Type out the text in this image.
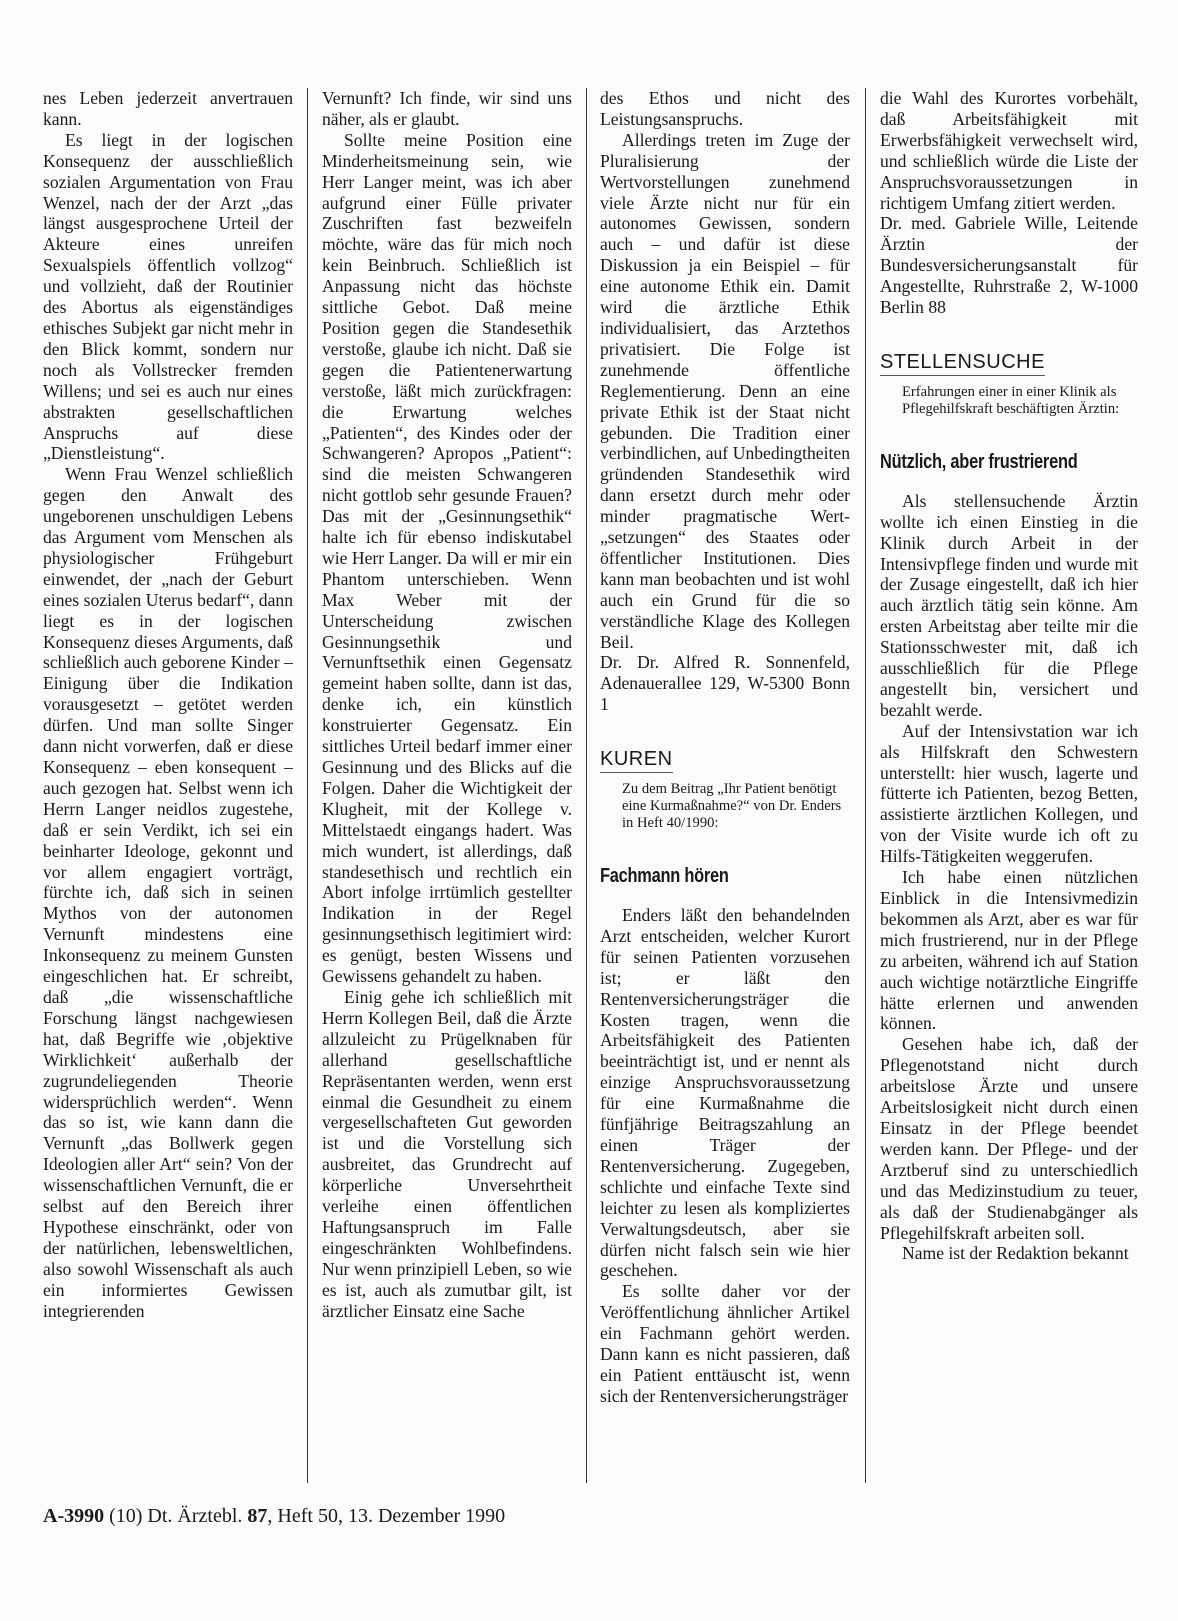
nes Leben jederzeit anvertrauen kann.

Es liegt in der logischen Konsequenz der ausschließlich sozialen Argumentation von Frau Wenzel, nach der der Arzt „das längst ausgesprochene Urteil der Akteure eines unreifen Sexualspiels öffentlich vollzog“ und vollzieht, daß der Routinier des Abortus als eigenständiges ethisches Subjekt gar nicht mehr in den Blick kommt, sondern nur noch als Vollstrecker fremden Willens; und sei es auch nur eines abstrakten gesellschaftlichen Anspruchs auf diese „Dienstleistung“.

Wenn Frau Wenzel schließlich gegen den Anwalt des ungeborenen unschuldigen Lebens das Argument vom Menschen als physiologischer Frühgeburt einwendet, der „nach der Geburt eines sozialen Uterus bedarf“, dann liegt es in der logischen Konsequenz dieses Arguments, daß schließlich auch geborene Kinder – Einigung über die Indikation vorausgesetzt – getötet werden dürfen. Und man sollte Singer dann nicht vorwerfen, daß er diese Konsequenz – eben konsequent – auch gezogen hat. Selbst wenn ich Herrn Langer neidlos zugestehe, daß er sein Verdikt, ich sei ein beinharter Ideologe, gekonnt und vor allem engagiert vorträgt, fürchte ich, daß sich in seinen Mythos von der autonomen Vernunft mindestens eine Inkonsequenz zu meinem Gunsten eingeschlichen hat. Er schreibt, daß „die wissenschaftliche Forschung längst nachgewiesen hat, daß Begriffe wie ‚objektive Wirklichkeit‘ außerhalb der zugrundeliegenden Theorie widersprüchlich werden“. Wenn das so ist, wie kann dann die Vernunft „das Bollwerk gegen Ideologien aller Art“ sein? Von der wissenschaftlichen Vernunft, die er selbst auf den Bereich ihrer Hypothese einschränkt, oder von der natürlichen, lebensweltlichen, also sowohl Wissenschaft als auch ein informiertes Gewissen integrierenden

Vernunft? Ich finde, wir sind uns näher, als er glaubt.

Sollte meine Position eine Minderheitsmeinung sein, wie Herr Langer meint, was ich aber aufgrund einer Fülle privater Zuschriften fast bezweifeln möchte, wäre das für mich noch kein Beinbruch. Schließlich ist Anpassung nicht das höchste sittliche Gebot. Daß meine Position gegen die Standesethik verstoße, glaube ich nicht. Daß sie gegen die Patientenerwartung verstoße, läßt mich zurückfragen: die Erwartung welches „Patienten“, des Kindes oder der Schwangeren? Apropos „Patient“: sind die meisten Schwangeren nicht gottlob sehr gesunde Frauen? Das mit der „Gesinnungsethik“ halte ich für ebenso indiskutabel wie Herr Langer. Da will er mir ein Phantom unterschieben. Wenn Max Weber mit der Unterscheidung zwischen Gesinnungsethik und Vernunftsethik einen Gegensatz gemeint haben sollte, dann ist das, denke ich, ein künstlich konstruierter Gegensatz. Ein sittliches Urteil bedarf immer einer Gesinnung und des Blicks auf die Folgen. Daher die Wichtigkeit der Klugheit, mit der Kollege v. Mittelstaedt eingangs hadert. Was mich wundert, ist allerdings, daß standesethisch und rechtlich ein Abort infolge irrtümlich gestellter Indikation in der Regel gesinnungsethisch legitimiert wird: es genügt, besten Wissens und Gewissens gehandelt zu haben.

Einig gehe ich schließlich mit Herrn Kollegen Beil, daß die Ärzte allzuleicht zu Prügelknaben für allerhand gesellschaftliche Repräsentanten werden, wenn erst einmal die Gesundheit zu einem vergesellschafteten Gut geworden ist und die Vorstellung sich ausbreitet, das Grundrecht auf körperliche Unversehrtheit verleihe einen öffentlichen Haftungsanspruch im Falle eingeschränkten Wohlbefindens. Nur wenn prinzipiell Leben, so wie es ist, auch als zumutbar gilt, ist ärztlicher Einsatz eine Sache

des Ethos und nicht des Leistungsanspruchs.

Allerdings treten im Zuge der Pluralisierung der Wertvorstellungen zunehmend viele Ärzte nicht nur für ein autonomes Gewissen, sondern auch – und dafür ist diese Diskussion ja ein Beispiel – für eine autonome Ethik ein. Damit wird die ärztliche Ethik individualisiert, das Arztethos privatisiert. Die Folge ist zunehmende öffentliche Reglementierung. Denn an eine private Ethik ist der Staat nicht gebunden. Die Tradition einer verbindlichen, auf Unbedingtheiten gründenden Standesethik wird dann ersetzt durch mehr oder minder pragmatische Wert-„setzungen“ des Staates oder öffentlicher Institutionen. Dies kann man beobachten und ist wohl auch ein Grund für die so verständliche Klage des Kollegen Beil.

Dr. Dr. Alfred R. Sonnenfeld, Adenauerallee 129, W-5300 Bonn 1

KUREN

Zu dem Beitrag „Ihr Patient benötigt eine Kurmaßnahme?“ von Dr. Enders in Heft 40/1990:

Fachmann hören

Enders läßt den behandelnden Arzt entscheiden, welcher Kurort für seinen Patienten vorzusehen ist; er läßt den Rentenversicherungsträger die Kosten tragen, wenn die Arbeitsfähigkeit des Patienten beeinträchtigt ist, und er nennt als einzige Anspruchsvoraussetzung für eine Kurmaßnahme die fünfjährige Beitragszahlung an einen Träger der Rentenversicherung. Zugegeben, schlichte und einfache Texte sind leichter zu lesen als kompliziertes Verwaltungsdeutsch, aber sie dürfen nicht falsch sein wie hier geschehen.

Es sollte daher vor der Veröffentlichung ähnlicher Artikel ein Fachmann gehört werden. Dann kann es nicht passieren, daß ein Patient enttäuscht ist, wenn sich der Rentenversicherungsträger

die Wahl des Kurortes vorbehält, daß Arbeitsfähigkeit mit Erwerbsfähigkeit verwechselt wird, und schließlich würde die Liste der Anspruchsvoraussetzungen in richtigem Umfang zitiert werden.

Dr. med. Gabriele Wille, Leitende Ärztin der Bundesversicherungsanstalt für Angestellte, Ruhrstraße 2, W-1000 Berlin 88

STELLENSUCHE

Erfahrungen einer in einer Klinik als Pflegehilfskraft beschäftigten Ärztin:

Nützlich, aber frustrierend

Als stellensuchende Ärztin wollte ich einen Einstieg in die Klinik durch Arbeit in der Intensivpflege finden und wurde mit der Zusage eingestellt, daß ich hier auch ärztlich tätig sein könne. Am ersten Arbeitstag aber teilte mir die Stationsschwester mit, daß ich ausschließlich für die Pflege angestellt bin, versichert und bezahlt werde.

Auf der Intensivstation war ich als Hilfskraft den Schwestern unterstellt: hier wusch, lagerte und fütterte ich Patienten, bezog Betten, assistierte ärztlichen Kollegen, und von der Visite wurde ich oft zu Hilfs-Tätigkeiten weggerufen.

Ich habe einen nützlichen Einblick in die Intensivmedizin bekommen als Arzt, aber es war für mich frustrierend, nur in der Pflege zu arbeiten, während ich auf Station auch wichtige notärztliche Eingriffe hätte erlernen und anwenden können.

Gesehen habe ich, daß der Pflegenotstand nicht durch arbeitslose Ärzte und unsere Arbeitslosigkeit nicht durch einen Einsatz in der Pflege beendet werden kann. Der Pflege- und der Arztberuf sind zu unterschiedlich und das Medizinstudium zu teuer, als daß der Studienabgänger als Pflegehilfskraft arbeiten soll.

Name ist der Redaktion bekannt

A-3990 (10) Dt. Ärztebl. 87, Heft 50, 13. Dezember 1990
